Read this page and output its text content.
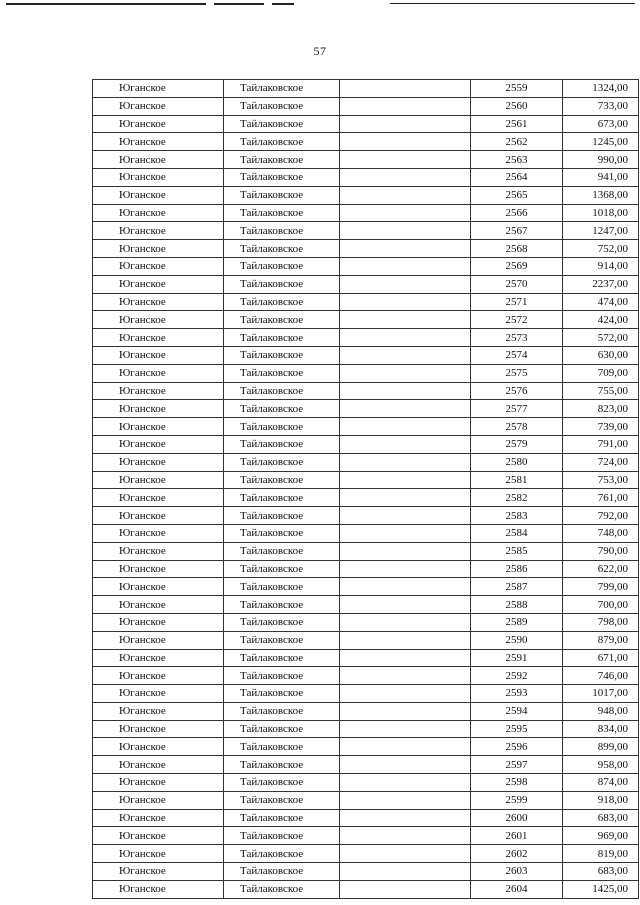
57
Юганское	Тайлаковское		2559	1324,00
Юганское	Тайлаковское		2560	733,00
Юганское	Тайлаковское		2561	673,00
Юганское	Тайлаковское		2562	1245,00
Юганское	Тайлаковское		2563	990,00
Юганское	Тайлаковское		2564	941,00
Юганское	Тайлаковское		2565	1368,00
Юганское	Тайлаковское		2566	1018,00
Юганское	Тайлаковское		2567	1247,00
Юганское	Тайлаковское		2568	752,00
Юганское	Тайлаковское		2569	914,00
Юганское	Тайлаковское		2570	2237,00
Юганское	Тайлаковское		2571	474,00
Юганское	Тайлаковское		2572	424,00
Юганское	Тайлаковское		2573	572,00
Юганское	Тайлаковское		2574	630,00
Юганское	Тайлаковское		2575	709,00
Юганское	Тайлаковское		2576	755,00
Юганское	Тайлаковское		2577	823,00
Юганское	Тайлаковское		2578	739,00
Юганское	Тайлаковское		2579	791,00
Юганское	Тайлаковское		2580	724,00
Юганское	Тайлаковское		2581	753,00
Юганское	Тайлаковское		2582	761,00
Юганское	Тайлаковское		2583	792,00
Юганское	Тайлаковское		2584	748,00
Юганское	Тайлаковское		2585	790,00
Юганское	Тайлаковское		2586	622,00
Юганское	Тайлаковское		2587	799,00
Юганское	Тайлаковское		2588	700,00
Юганское	Тайлаковское		2589	798,00
Юганское	Тайлаковское		2590	879,00
Юганское	Тайлаковское		2591	671,00
Юганское	Тайлаковское		2592	746,00
Юганское	Тайлаковское		2593	1017,00
Юганское	Тайлаковское		2594	948,00
Юганское	Тайлаковское		2595	834,00
Юганское	Тайлаковское		2596	899,00
Юганское	Тайлаковское		2597	958,00
Юганское	Тайлаковское		2598	874,00
Юганское	Тайлаковское		2599	918,00
Юганское	Тайлаковское		2600	683,00
Юганское	Тайлаковское		2601	969,00
Юганское	Тайлаковское		2602	819,00
Юганское	Тайлаковское		2603	683,00
Юганское	Тайлаковское		2604	1425,00
